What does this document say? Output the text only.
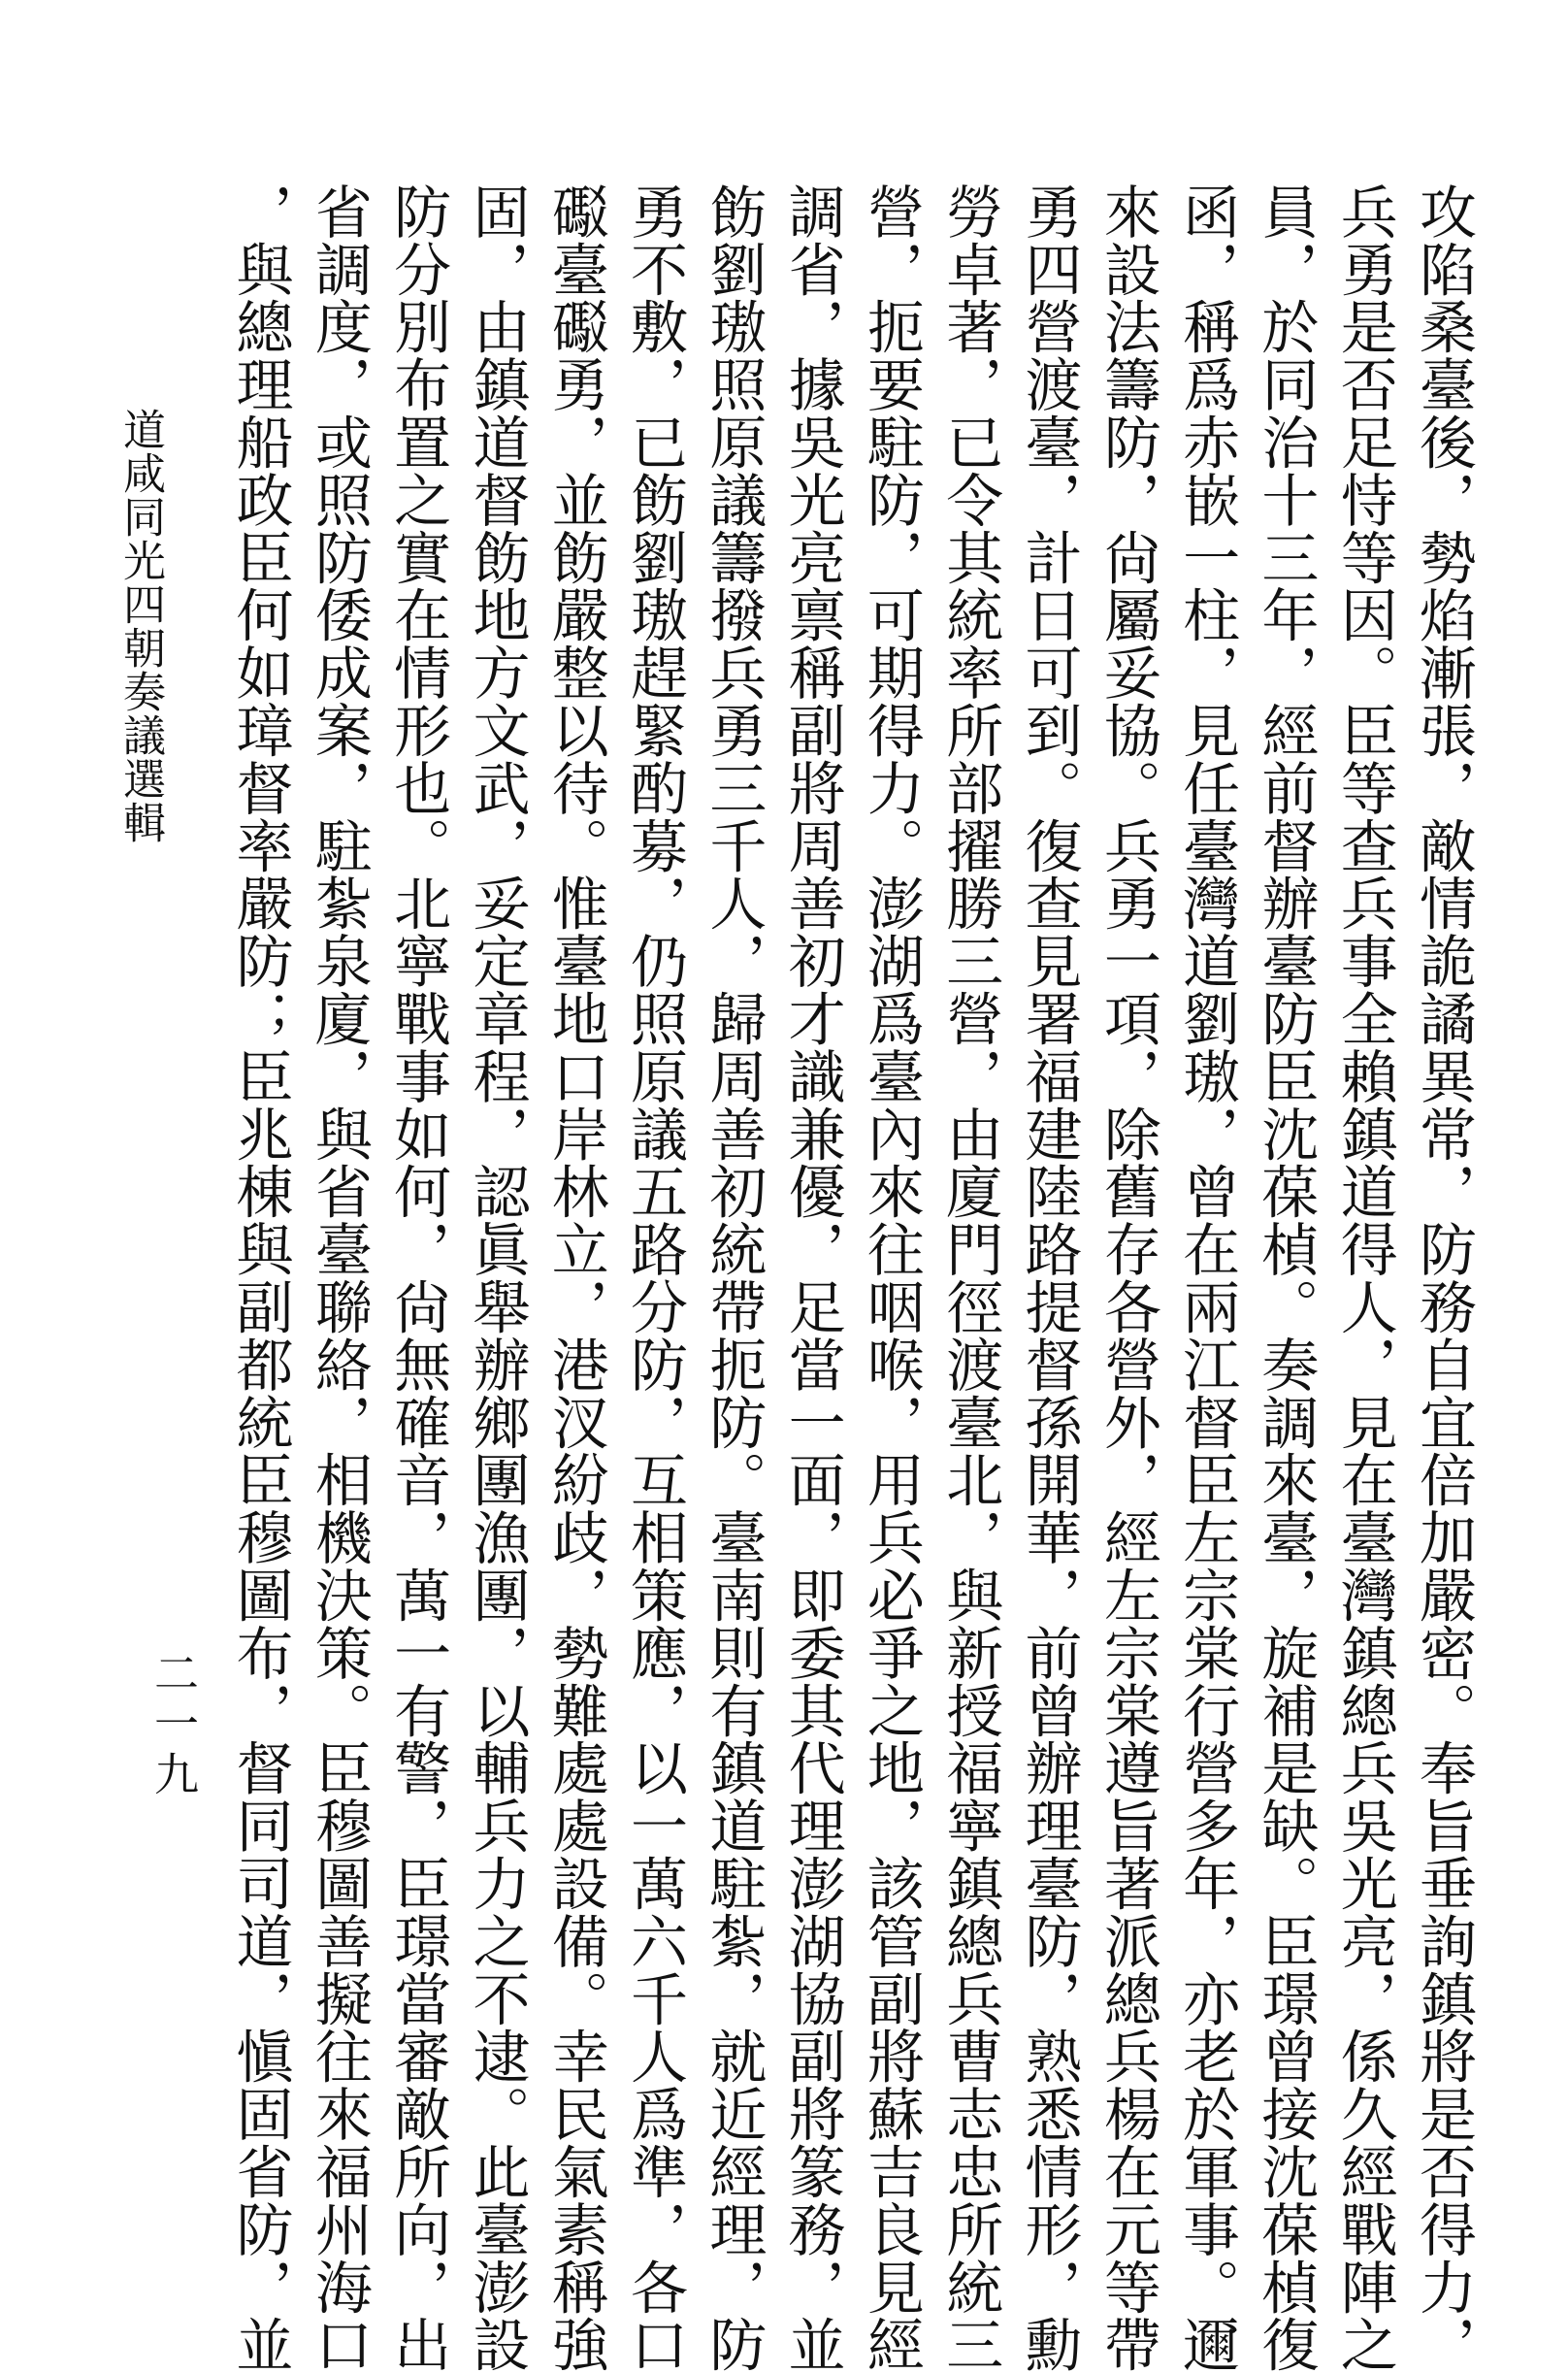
攻陷桑臺後，勢焰漸張，敵情詭譎異常，防務自宜倍加嚴密。奉旨垂詢鎮將是否得力，
兵勇是否足恃等因。臣等查兵事全賴鎮道得人，見在臺灣鎮總兵吳光亮，係久經戰陣之
員，於同治十三年，經前督辦臺防臣沈葆楨。奏調來臺，旋補是缺。臣璟曾接沈葆楨復
函，稱爲赤嵌一柱，見任臺灣道劉璈，曾在兩江督臣左宗棠行營多年，亦老於軍事。邇
來設法籌防，尙屬妥協。兵勇一項，除舊存各營外，經左宗棠遵旨著派總兵楊在元等帶
勇四營渡臺，計日可到。復查見署福建陸路提督孫開華，前曾辦理臺防，熟悉情形，勳
勞卓著，已令其統率所部擢勝三營，由廈門徑渡臺北，與新授福寧鎮總兵曹志忠所統三
營，扼要駐防，可期得力。澎湖爲臺內來往咽喉，用兵必爭之地，該管副將蘇吉良見經
調省，據吳光亮禀稱副將周善初才識兼優，足當一面，即委其代理澎湖協副將篆務，並
飭劉璈照原議籌撥兵勇三千人，歸周善初統帶扼防。臺南則有鎮道駐紮，就近經理，防
勇不敷，已飭劉璈趕緊酌募，仍照原議五路分防，互相策應，以一萬六千人爲準，各口
礟臺礟勇，並飭嚴整以待。惟臺地口岸林立，港汊紛歧，勢難處處設備。幸民氣素稱強
固，由鎮道督飭地方文武，妥定章程，認眞舉辦鄉團漁團，以輔兵力之不逮。此臺澎設
防分別布置之實在情形也。北寧戰事如何，尙無確音，萬一有警，臣璟當審敵所向，出
省調度，或照防倭成案，駐紮泉廈，與省臺聯絡，相機決策。臣穆圖善擬往來福州海口
，與總理船政臣何如璋督率嚴防；臣兆棟與副都統臣穆圖布，督同司道，愼固省防，並
道咸同光四朝奏議選輯
二一九
